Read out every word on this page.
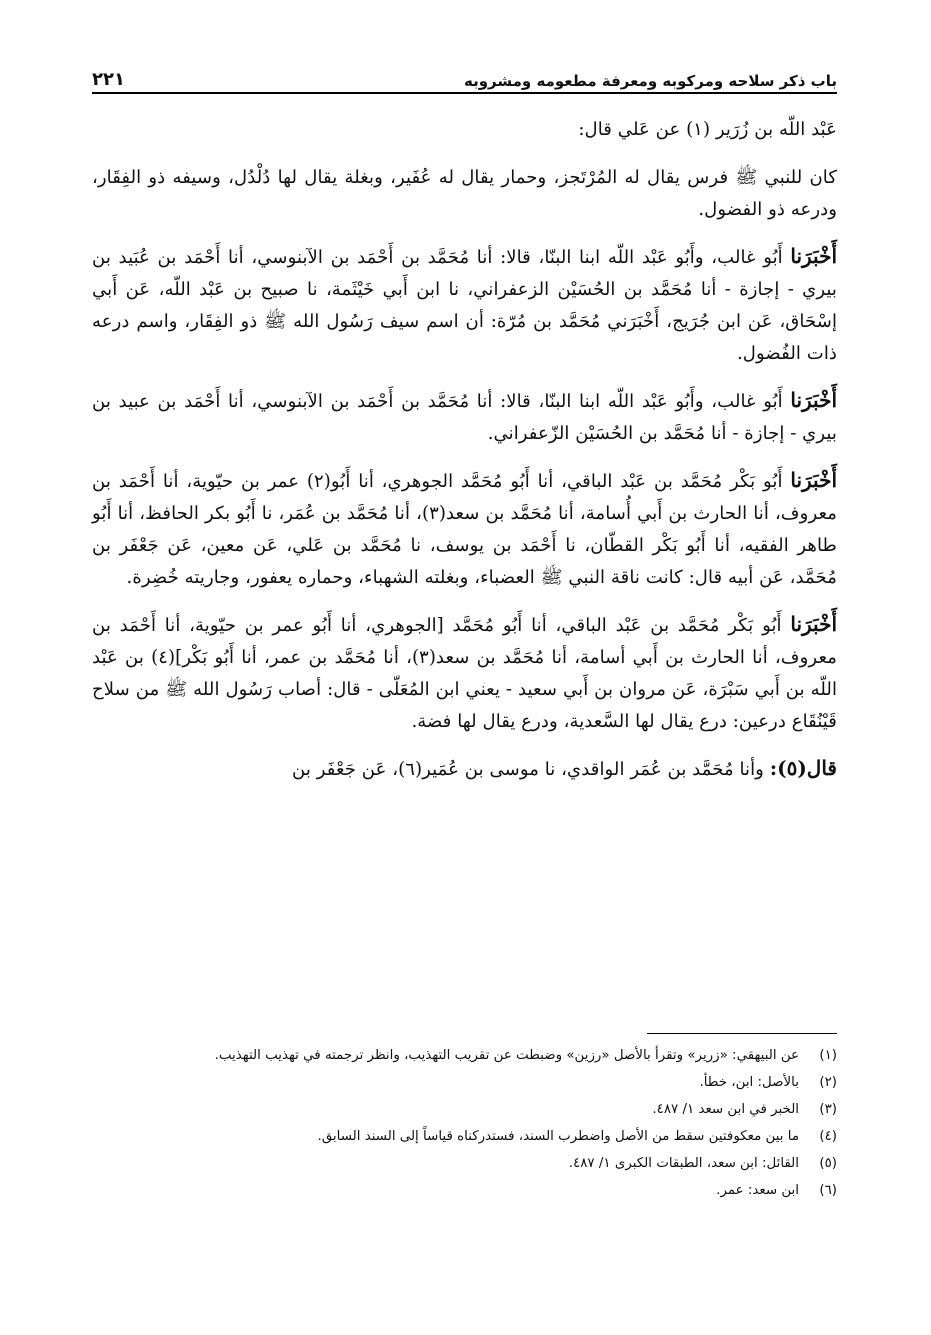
باب ذكر سلاحه ومركوبه ومعرفة مطعومه ومشروبه
٢٢١

عَبْد اللّه بن زُرَير (١) عن عَلي قال:

كان للنبي ﷺ فرس يقال له المُرْتَجز، وحمار يقال له عُفَير، وبغلة يقال لها دُلْدُل، وسيفه ذو الفِقَار، ودرعه ذو الفضول.

أَخْبَرَنا أَبُو غالب، وأَبُو عَبْد اللّه ابنا البنّا، قالا: أنا مُحَمَّد بن أَحْمَد بن الآبنوسي، أنا أَحْمَد بن عُبَيد بن بيري - إجازة - أنا مُحَمَّد بن الحُسَيْن الزعفراني، نا ابن أَبي خَيْثَمة، نا صبيح بن عَبْد اللّه، عَن أَبي إسْحَاق، عَن ابن جُرَيج، أَخْبَرَني مُحَمَّد بن مُرّة: أن اسم سيف رَسُول الله ﷺ ذو الفِقَار، واسم درعه ذات الفُضول.

أَخْبَرَنا أَبُو غالب، وأَبُو عَبْد اللّه ابنا البنّا، قالا: أنا مُحَمَّد بن أَحْمَد بن الآبنوسي، أنا أَحْمَد بن عبيد بن بيري - إجازة - أنا مُحَمَّد بن الحُسَيْن الزّعفراني.

أَخْبَرَنا أَبُو بَكْر مُحَمَّد بن عَبْد الباقي، أنا أَبُو مُحَمَّد الجوهري، أنا أَبُو(٢) عمر بن حيّوية، أنا أَحْمَد بن معروف، أنا الحارث بن أَبي أُسامة، أنا مُحَمَّد بن سعد(٣)، أنا مُحَمَّد بن عُمَر، نا أَبُو بكر الحافظ، أنا أَبُو طاهر الفقيه، أنا أَبُو بَكْر القطّان، نا أَحْمَد بن يوسف، نا مُحَمَّد بن عَلي، عَن معين، عَن جَعْفَر بن مُحَمَّد، عَن أبيه قال: كانت ناقة النبي ﷺ العضباء، وبغلته الشهباء، وحماره يعفور، وجاريته خُضِرة.

أَخْبَرَنا أَبُو بَكْر مُحَمَّد بن عَبْد الباقي، أنا أَبُو مُحَمَّد [الجوهري، أنا أَبُو عمر بن حيّوية، أنا أَحْمَد بن معروف، أنا الحارث بن أَبي أسامة، أنا مُحَمَّد بن سعد(٣)، أنا مُحَمَّد بن عمر، أنا أَبُو بَكْر](٤) بن عَبْد اللّه بن أَبي سَبْرَة، عَن مروان بن أَبي سعيد - يعني ابن المُعَلّى - قال: أصاب رَسُول الله ﷺ من سلاح قَيْنُقَاع درعين: درع يقال لها السَّعدية، ودرع يقال لها فضة.

قال(٥): وأنا مُحَمَّد بن عُمَر الواقدي، نا موسى بن عُمَير(٦)، عَن جَعْفَر بن

(١)
عن البيهقي: «زرير» وتقرأ بالأصل «رزين» وضبطت عن تقريب التهذيب، وانظر ترجمته في تهذيب التهذيب.
(٢)
بالأصل: ابن، خطأ.
(٣)
الخبر في ابن سعد ١/ ٤٨٧.
(٤)
ما بين معكوفتين سقط من الأصل واضطرب السند، فستدركناه قياساً إلى السند السابق.
(٥)
القائل: ابن سعد، الطبقات الكبرى ١/ ٤٨٧.
(٦)
ابن سعد: عمر.
